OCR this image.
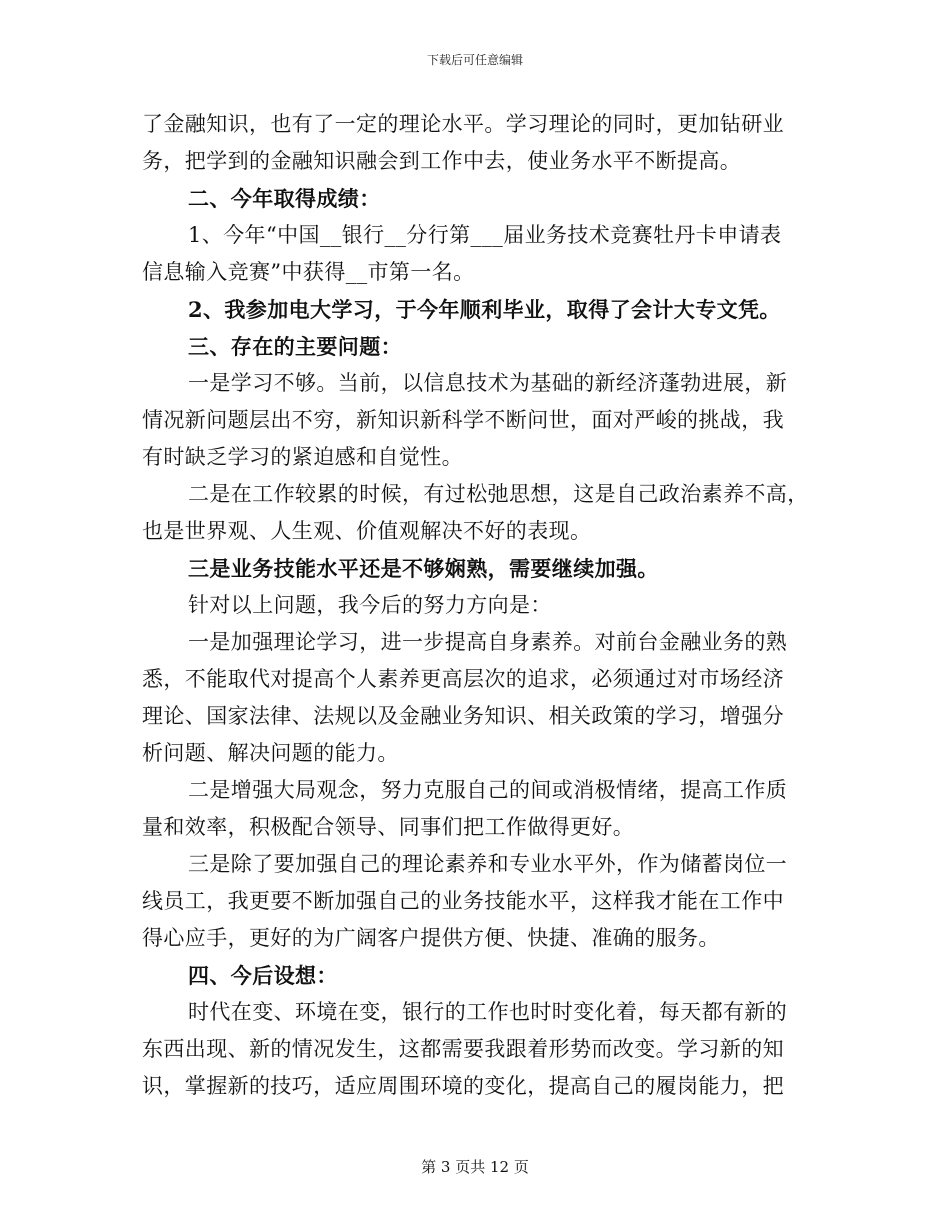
下载后可任意编辑
了金融知识，也有了一定的理论水平。学习理论的同时，更加钻研业
务，把学到的金融知识融会到工作中去，使业务水平不断提高。
二、今年取得成绩：
1、今年“中国__银行__分行第___届业务技术竞赛牡丹卡申请表
信息输入竞赛”中获得__市第一名。
2、我参加电大学习，于今年顺利毕业，取得了会计大专文凭。
三、存在的主要问题：
一是学习不够。当前，以信息技术为基础的新经济蓬勃进展，新
情况新问题层出不穷，新知识新科学不断问世，面对严峻的挑战，我
有时缺乏学习的紧迫感和自觉性。
二是在工作较累的时候，有过松弛思想，这是自己政治素养不高，
也是世界观、人生观、价值观解决不好的表现。
三是业务技能水平还是不够娴熟，需要继续加强。
针对以上问题，我今后的努力方向是：
一是加强理论学习，进一步提高自身素养。对前台金融业务的熟
悉，不能取代对提高个人素养更高层次的追求，必须通过对市场经济
理论、国家法律、法规以及金融业务知识、相关政策的学习，增强分
析问题、解决问题的能力。
二是增强大局观念，努力克服自己的间或消极情绪，提高工作质
量和效率，积极配合领导、同事们把工作做得更好。
三是除了要加强自己的理论素养和专业水平外，作为储蓄岗位一
线员工，我更要不断加强自己的业务技能水平，这样我才能在工作中
得心应手，更好的为广阔客户提供方便、快捷、准确的服务。
四、今后设想：
时代在变、环境在变，银行的工作也时时变化着，每天都有新的
东西出现、新的情况发生，这都需要我跟着形势而改变。学习新的知
识，掌握新的技巧，适应周围环境的变化，提高自己的履岗能力，把
第 3 页共 12 页
